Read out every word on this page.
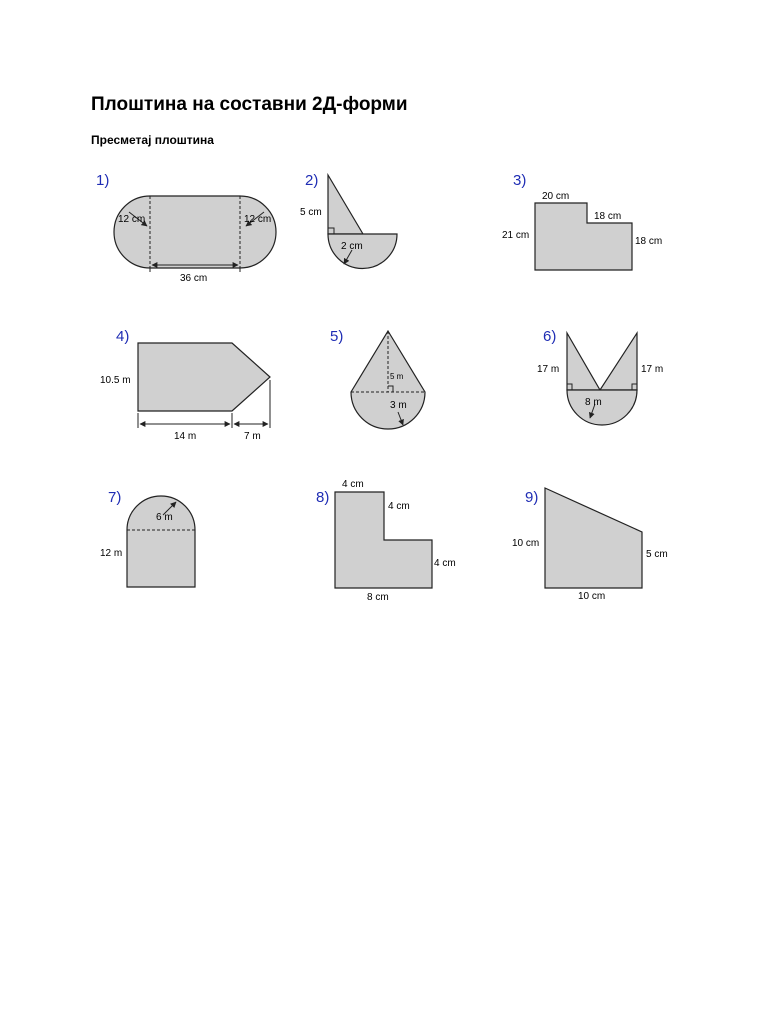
Плоштина на составни 2Д-форми

Пресметај плоштина

1)
12 cm	12 cm
36 cm
2)
5 cm
2 cm
3)
20 cm
18 cm
21 cm
18 cm
4)
10.5 m
14 m	7 m
5)
5 m
3 m
6)
17 m	17 m
8 m
7)
6 m
12 m
8)
4 cm
4 cm
4 cm
8 cm
9)
10 cm
5 cm
10 cm
